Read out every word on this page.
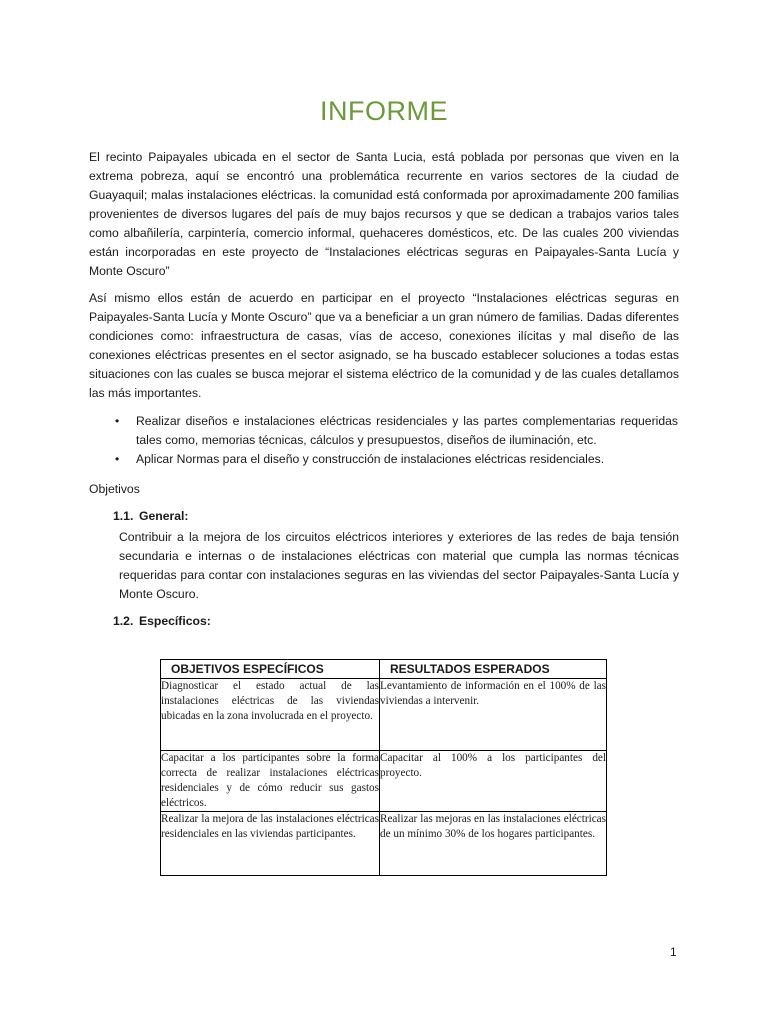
INFORME

El recinto Paipayales ubicada en el sector de Santa Lucia, está poblada por personas que viven en la extrema pobreza, aquí se encontró una problemática recurrente en varios sectores de la ciudad de Guayaquil; malas instalaciones eléctricas. la comunidad está conformada por aproximadamente 200 familias provenientes de diversos lugares del país de muy bajos recursos y que se dedican a trabajos varios tales como albañilería, carpintería, comercio informal, quehaceres domésticos, etc. De las cuales 200 viviendas están incorporadas en este proyecto de “Instalaciones eléctricas seguras en Paipayales-Santa Lucía y Monte Oscuro”

Así mismo ellos están de acuerdo en participar en el proyecto “Instalaciones eléctricas seguras en Paipayales-Santa Lucía y Monte Oscuro” que va a beneficiar a un gran número de familias. Dadas diferentes condiciones como: infraestructura de casas, vías de acceso, conexiones ilícitas y mal diseño de las conexiones eléctricas presentes en el sector asignado, se ha buscado establecer soluciones a todas estas situaciones con las cuales se busca mejorar el sistema eléctrico de la comunidad y de las cuales detallamos las más importantes.

• Realizar diseños e instalaciones eléctricas residenciales y las partes complementarias requeridas tales como, memorias técnicas, cálculos y presupuestos, diseños de iluminación, etc.
• Aplicar Normas para el diseño y construcción de instalaciones eléctricas residenciales.
Objetivos
1.1. General:

Contribuir a la mejora de los circuitos eléctricos interiores y exteriores de las redes de baja tensión secundaria e internas o de instalaciones eléctricas con material que cumpla las normas técnicas requeridas para contar con instalaciones seguras en las viviendas del sector Paipayales-Santa Lucía y Monte Oscuro.

1.2. Específicos:
OBJETIVOS ESPECÍFICOS	RESULTADOS ESPERADOS

Diagnosticar el estado actual de las instalaciones eléctricas de las viviendas ubicadas en la zona involucrada en el proyecto.	Levantamiento de información en el 100% de las viviendas a intervenir.

Capacitar a los participantes sobre la forma correcta de realizar instalaciones eléctricas residenciales y de cómo reducir sus gastos eléctricos.	Capacitar al 100% a los participantes del proyecto.

Realizar la mejora de las instalaciones eléctricas residenciales en las viviendas participantes.	Realizar las mejoras en las instalaciones eléctricas de un mínimo 30% de los hogares participantes.
1
